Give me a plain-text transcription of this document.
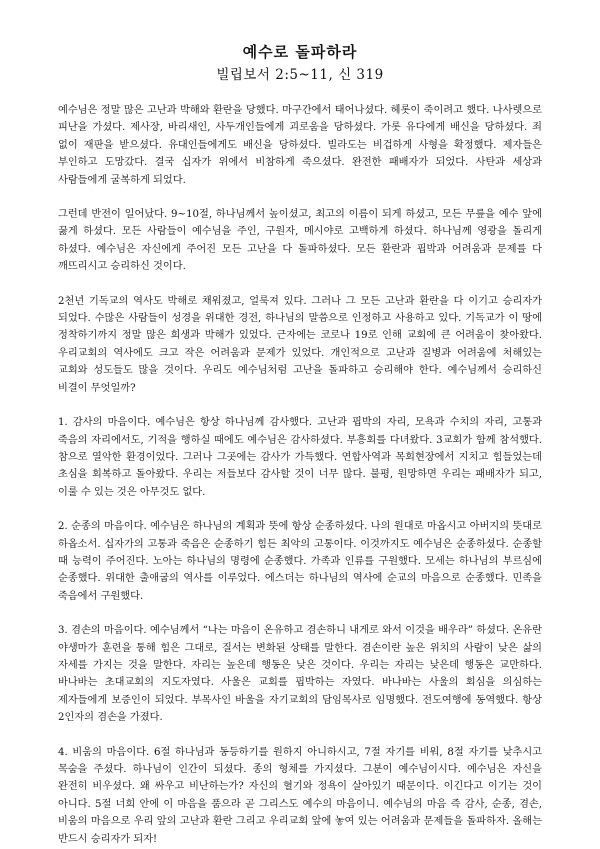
예수로 돌파하라
빌립보서 2:5~11, 신 319

예수님은 정말 많은 고난과 박해와 환란을 당했다. 마구간에서 태어나셨다. 헤롯이 죽이려고 했다. 나사렛으로 피난을 가셨다. 제사장, 바리새인, 사두개인들에게 괴로움을 당하셨다. 가롯 유다에게 배신을 당하셨다. 죄 없이 재판을 받으셨다. 유대인들에게도 배신을 당하셨다. 빌라도는 비겁하게 사형을 확정했다. 제자들은 부인하고 도망갔다. 결국 십자가 위에서 비참하게 죽으셨다. 완전한 패배자가 되었다. 사탄과 세상과 사람들에게 굴복하게 되었다.

그런데 반전이 일어났다. 9~10절, 하나님께서 높이셨고, 최고의 이름이 되게 하셨고, 모든 무릎을 예수 앞에 꿇게 하셨다. 모든 사람들이 예수님을 주인, 구원자, 메시야로 고백하게 하셨다. 하나님께 영광을 돌리게 하셨다. 예수님은 자신에게 주어진 모든 고난을 다 돌파하셨다. 모든 환란과 핍박과 어려움과 문제를 다 깨뜨리시고 승리하신 것이다.

2천년 기독교의 역사도 박해로 채워졌고, 얼룩져 있다. 그러나 그 모든 고난과 환란을 다 이기고 승리자가 되었다. 수많은 사람들이 성경을 위대한 경전, 하나님의 말씀으로 인정하고 사용하고 있다. 기독교가 이 땅에 정착하기까지 정말 많은 희생과 박해가 있었다. 근자에는 코로나 19로 인해 교회에 큰 어려움이 찾아왔다. 우리교회의 역사에도 크고 작은 어려움과 문제가 있었다. 개인적으로 고난과 질병과 어려움에 처해있는 교회와 성도들도 많을 것이다. 우리도 예수님처럼 고난을 돌파하고 승리해야 한다. 예수님께서 승리하신 비결이 무엇일까?

1. 감사의 마음이다. 예수님은 항상 하나님께 감사했다. 고난과 핍박의 자리, 모욕과 수치의 자리, 고통과 죽음의 자리에서도, 기적을 행하실 때에도 예수님은 감사하셨다. 부흥회를 다녀왔다. 3교회가 함께 참석했다. 참으로 열악한 환경이었다. 그러나 그곳에는 감사가 가득했다. 연합사역과 목회현장에서 지치고 힘들었는데 초심을 회복하고 돌아왔다. 우리는 저들보다 감사할 것이 너무 많다. 불평, 원망하면 우리는 패배자가 되고, 이룰 수 있는 것은 아무것도 없다.

2. 순종의 마음이다. 예수님은 하나님의 계획과 뜻에 항상 순종하셨다. 나의 원대로 마옵시고 아버지의 뜻대로 하옵소서. 십자가의 고통과 죽음은 순종하기 힘든 최악의 고통이다. 이것까지도 예수님은 순종하셨다. 순종할 때 능력이 주어진다. 노아는 하나님의 명령에 순종했다. 가족과 인류를 구원했다. 모세는 하나님의 부르심에 순종했다. 위대한 출애굽의 역사를 이루었다. 에스더는 하나님의 역사에 순교의 마음으로 순종했다. 민족을 죽음에서 구원했다.

3. 겸손의 마음이다. 예수님께서 “나는 마음이 온유하고 겸손하니 내게로 와서 이것을 배우라” 하셨다. 온유란 야생마가 훈련을 통해 힘은 그대로, 질서는 변화된 상태를 말한다. 겸손이란 높은 위치의 사람이 낮은 삶의 자세를 가지는 것을 말한다. 자리는 높은데 행동은 낮은 것이다. 우리는 자리는 낮은데 행동은 교만하다. 바나바는 초대교회의 지도자였다. 사울은 교회를 핍박하는 자였다. 바나바는 사울의 회심을 의심하는 제자들에게 보증인이 되었다. 부목사인 바울을 자기교회의 담임목사로 임명했다. 전도여행에 동역했다. 항상 2인자의 겸손을 가졌다.

4. 비움의 마음이다. 6절 하나님과 동등하기를 원하지 아니하시고, 7절 자기를 비워, 8절 자기를 낮추시고 목숨을 주셨다. 하나님이 인간이 되셨다. 종의 형체를 가지셨다. 그분이 예수님이시다. 예수님은 자신을 완전히 비우셨다. 왜 싸우고 비난하는가? 자신의 혈기와 정욕이 살아있기 때문이다. 이긴다고 이기는 것이 아니다. 5절 너희 안에 이 마음을 품으라 곧 그리스도 예수의 마음이니. 예수님의 마음 즉 감사, 순종, 겸손, 비움의 마음으로 우리 앞의 고난과 환란 그리고 우리교회 앞에 놓여 있는 어려움과 문제들을 돌파하자. 올해는 반드시 승리자가 되자!
